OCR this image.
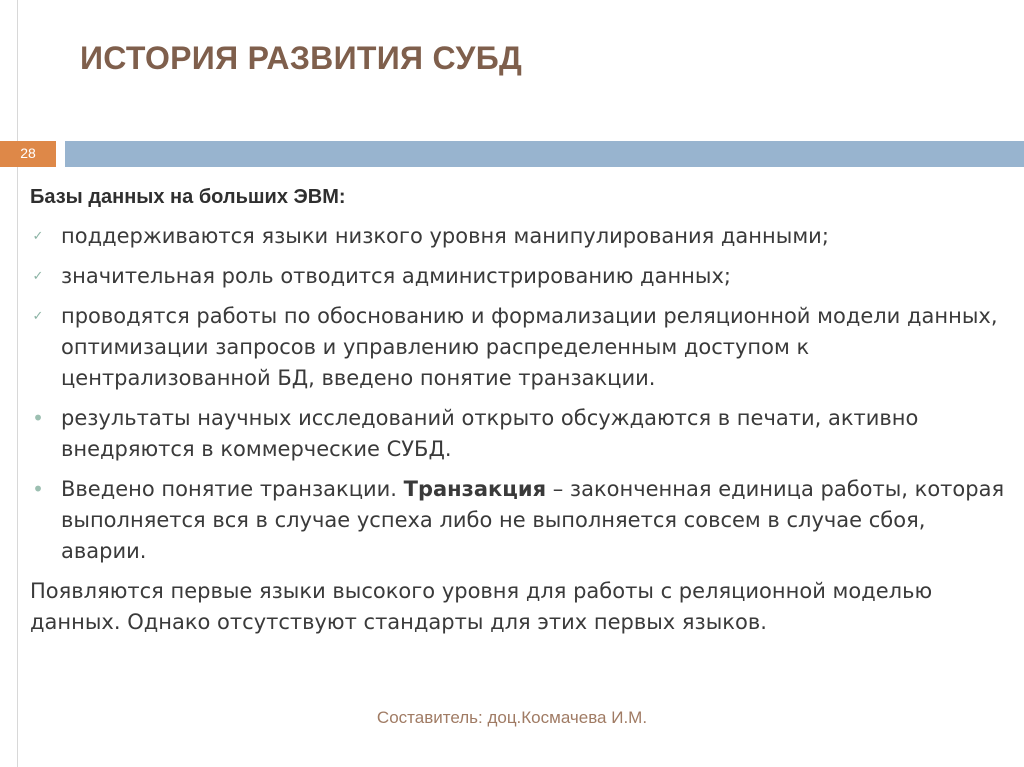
ИСТОРИЯ РАЗВИТИЯ СУБД
28
Базы данных на больших ЭВМ:
✓ поддерживаются языки низкого уровня манипулирования данными;
✓ значительная роль отводится администрированию данных;
✓ проводятся работы по обоснованию и формализации реляционной модели данных, оптимизации запросов и управлению распределенным доступом к централизованной БД, введено понятие транзакции.
• результаты научных исследований открыто обсуждаются в печати, активно внедряются в коммерческие СУБД.
• Введено понятие транзакции. Транзакция – законченная единица работы, которая выполняется вся в случае успеха либо не выполняется совсем в случае сбоя, аварии.

Появляются первые языки высокого уровня для работы с реляционной моделью данных. Однако отсутствуют стандарты для этих первых языков.

Составитель: доц.Космачева И.М.
